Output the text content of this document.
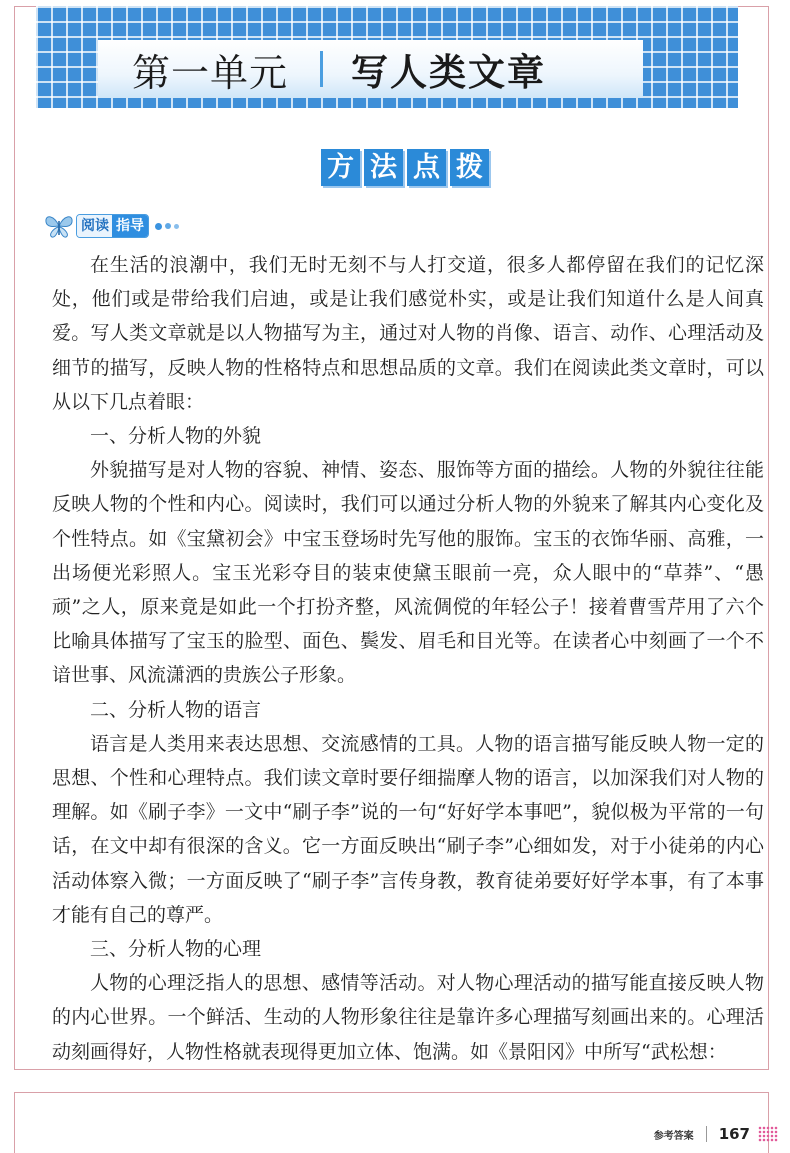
第一单元 写人类文章
方 法 点 拨
阅读 指导

在生活的浪潮中，我们无时无刻不与人打交道，很多人都停留在我们的记忆深处，他们或是带给我们启迪，或是让我们感觉朴实，或是让我们知道什么是人间真爱。写人类文章就是以人物描写为主，通过对人物的肖像、语言、动作、心理活动及细节的描写，反映人物的性格特点和思想品质的文章。我们在阅读此类文章时，可以从以下几点着眼：

一、分析人物的外貌

外貌描写是对人物的容貌、神情、姿态、服饰等方面的描绘。人物的外貌往往能反映人物的个性和内心。阅读时，我们可以通过分析人物的外貌来了解其内心变化及个性特点。如《宝黛初会》中宝玉登场时先写他的服饰。宝玉的衣饰华丽、高雅，一出场便光彩照人。宝玉光彩夺目的装束使黛玉眼前一亮，众人眼中的“草莽”、“愚顽”之人，原来竟是如此一个打扮齐整，风流倜傥的年轻公子！接着曹雪芹用了六个比喻具体描写了宝玉的脸型、面色、鬓发、眉毛和目光等。在读者心中刻画了一个不谙世事、风流潇洒的贵族公子形象。

二、分析人物的语言

语言是人类用来表达思想、交流感情的工具。人物的语言描写能反映人物一定的思想、个性和心理特点。我们读文章时要仔细揣摩人物的语言，以加深我们对人物的理解。如《刷子李》一文中“刷子李”说的一句“好好学本事吧”，貌似极为平常的一句话，在文中却有很深的含义。它一方面反映出“刷子李”心细如发，对于小徒弟的内心活动体察入微；一方面反映了“刷子李”言传身教，教育徒弟要好好学本事，有了本事才能有自己的尊严。

三、分析人物的心理

人物的心理泛指人的思想、感情等活动。对人物心理活动的描写能直接反映人物的内心世界。一个鲜活、生动的人物形象往往是靠许多心理描写刻画出来的。心理活动刻画得好，人物性格就表现得更加立体、饱满。如《景阳冈》中所写“武松想：

参考答案 167
